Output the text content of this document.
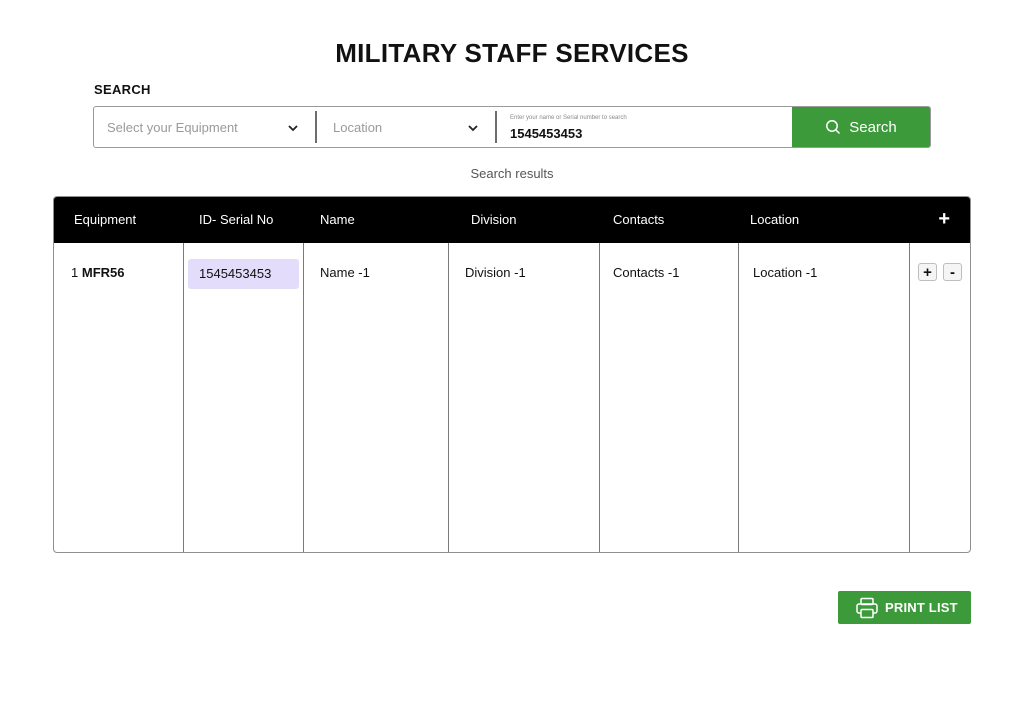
MILITARY STAFF SERVICES
SEARCH
Select your Equipment	Location
Enter your name or Serial number to search
1545453453	Search
Search results
Equipment	ID- Serial No	Name	Division	Contacts	Location	+
1 MFR56	1545453453	Name -1	Division -1	Contacts -1	Location -1	+	-
PRINT LIST
